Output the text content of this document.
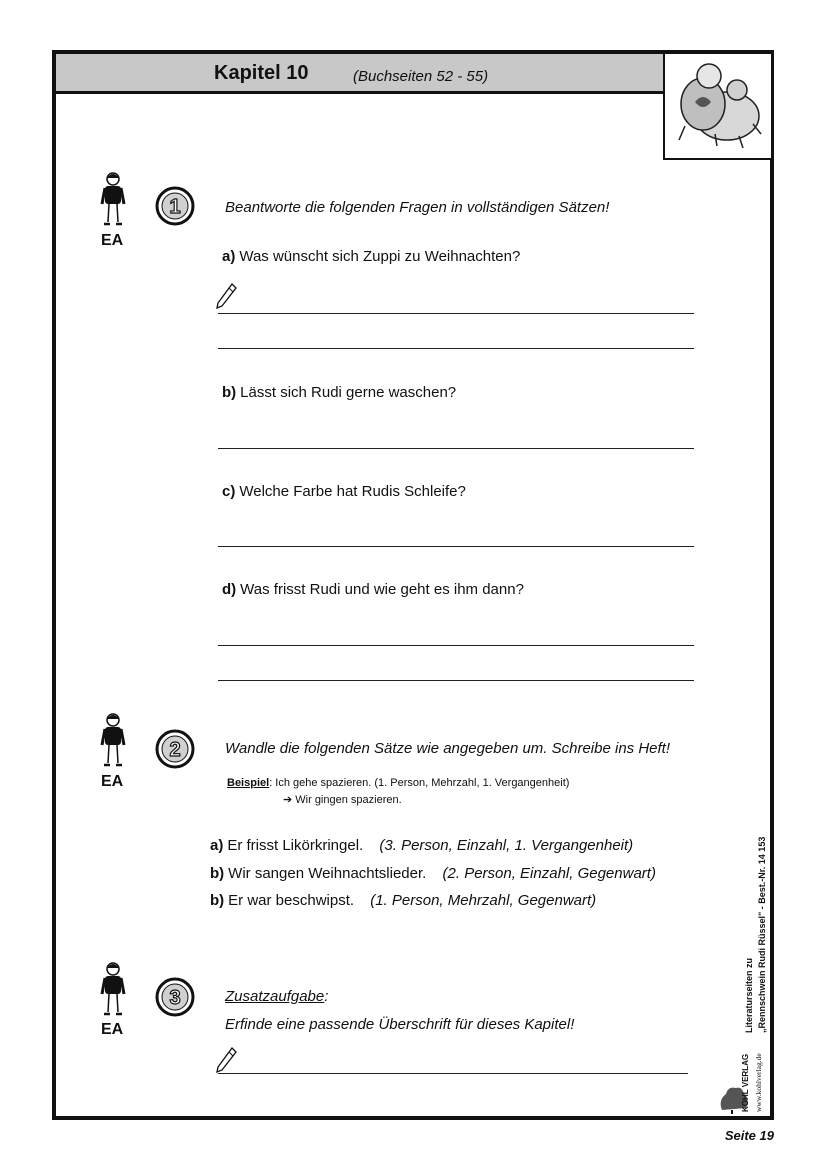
Kapitel 10	(Buchseiten 52 - 55)
EA
1	Beantworte die folgenden Fragen in vollständigen Sätzen!
a) Was wünscht sich Zuppi zu Weihnachten?
b) Lässt sich Rudi gerne waschen?
c) Welche Farbe hat Rudis Schleife?
d) Was frisst Rudi und wie geht es ihm dann?
EA
2	Wandle die folgenden Sätze wie angegeben um. Schreibe ins Heft!
Beispiel: Ich gehe spazieren. (1. Person, Mehrzahl, 1. Vergangenheit)
➔ Wir gingen spazieren.
a) Er frisst Likörkringel. (3. Person, Einzahl, 1. Vergangenheit)
b) Wir sangen Weihnachtslieder. (2. Person, Einzahl, Gegenwart)
b) Er war beschwipst. (1. Person, Mehrzahl, Gegenwart)
EA
3	Zusatzaufgabe:
Erfinde eine passende Überschrift für dieses Kapitel!	Literaturseiten zu „Rennschwein Rudi Rüssel" - Best.-Nr. 14 153
KOHL VERLAG www.kohlverlag.de
Seite 19
